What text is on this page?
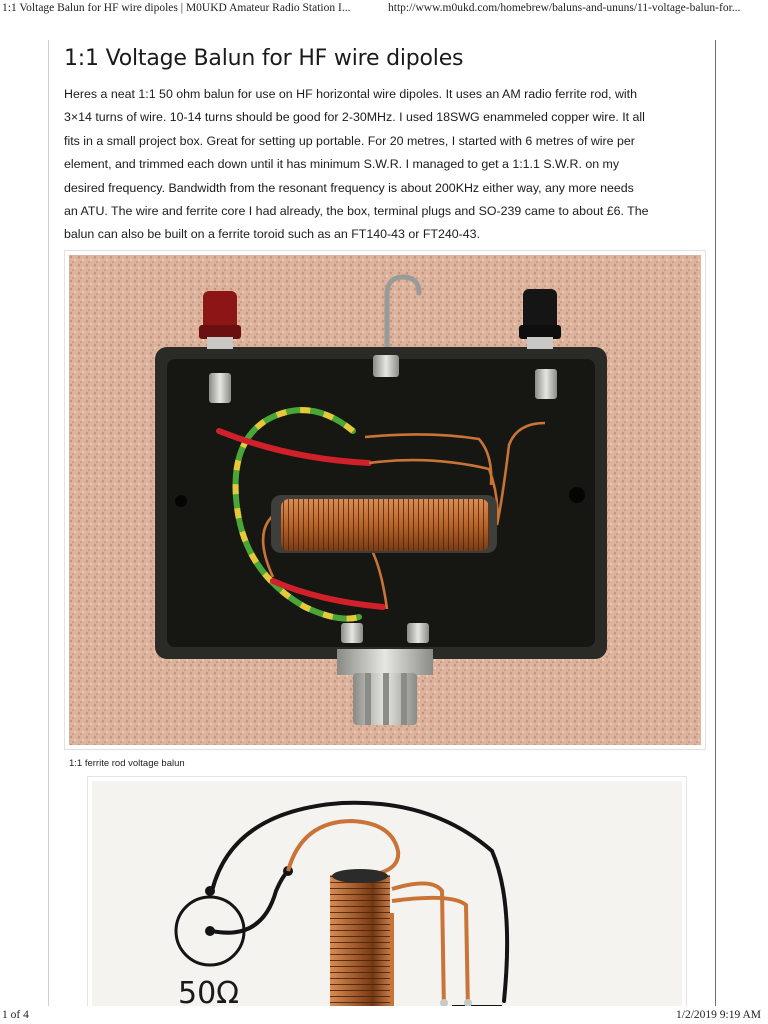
1:1 Voltage Balun for HF wire dipoles | M0UKD Amateur Radio Station I...	http://www.m0ukd.com/homebrew/baluns-and-ununs/11-voltage-balun-for...
1:1 Voltage Balun for HF wire dipoles
Heres a neat 1:1 50 ohm balun for use on HF horizontal wire dipoles. It uses an AM radio ferrite rod, with
3×14 turns of wire. 10-14 turns should be good for 2-30MHz. I used 18SWG enammeled copper wire. It all
fits in a small project box. Great for setting up portable. For 20 metres, I started with 6 metres of wire per
element, and trimmed each down until it has minimum S.W.R. I managed to get a 1:1.1 S.W.R. on my
desired frequency. Bandwidth from the resonant frequency is about 200KHz either way, any more needs
an ATU. The wire and ferrite core I had already, the box, terminal plugs and SO-239 came to about £6. The
balun can also be built on a ferrite toroid such as an FT140-43 or FT240-43.
1:1 ferrite rod voltage balun
50Ω
1 of 4	1/2/2019 9:19 AM
